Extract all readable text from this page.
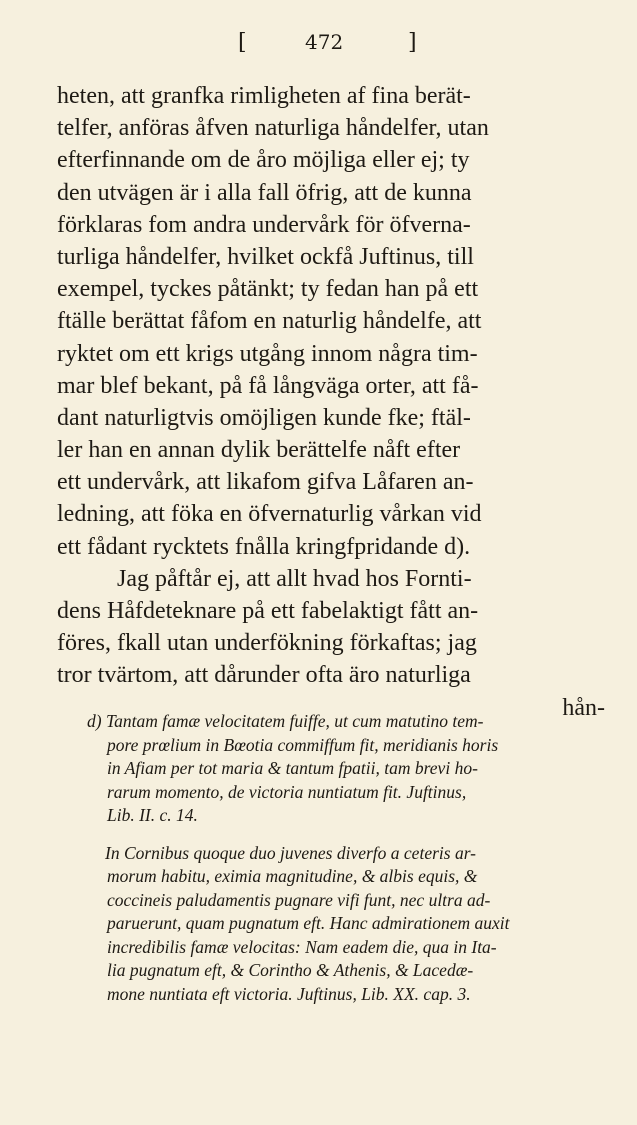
[	472	]
heten, att granfka rimligheten af fina berät-
telfer, anföras åfven naturliga håndelfer, utan
efterfinnande om de åro möjliga eller ej; ty
den utvägen är i alla fall öfrig, att de kunna
förklaras fom andra undervårk för öfverna-
turliga håndelfer, hvilket ockfå Juftinus, till
exempel, tyckes påtänkt; ty fedan han på ett
ftälle berättat fåfom en naturlig håndelfe, att
ryktet om ett krigs utgång innom några tim-
mar blef bekant, på få långväga orter, att få-
dant naturligtvis omöjligen kunde fke; ftäl-
ler han en annan dylik berättelfe nåft efter
ett undervårk, att likafom gifva Låfaren an-
ledning, att föka en öfvernaturlig vårkan vid
ett fådant rycktets fnålla kringfpridande d).
Jag påftår ej, att allt hvad hos Fornti-
dens Håfdeteknare på ett fabelaktigt fått an-
föres, fkall utan underfökning förkaftas; jag
tror tvärtom, att dårunder ofta äro naturliga
hån-
d) Tantam famæ velocitatem fuiffe, ut cum matutino tem-
pore prœlium in Bœotia commiffum fit, meridianis horis
in Afiam per tot maria & tantum fpatii, tam brevi ho-
rarum momento, de victoria nuntiatum fit. Juftinus,
Lib. II. c. 14.
In Cornibus quoque duo juvenes diverfo a ceteris ar-
morum habitu, eximia magnitudine, & albis equis, &
coccineis paludamentis pugnare vifi funt, nec ultra ad-
paruerunt, quam pugnatum eft. Hanc admirationem auxit
incredibilis famæ velocitas: Nam eadem die, qua in Ita-
lia pugnatum eft, & Corintho & Athenis, & Lacedæ-
mone nuntiata eft victoria. Juftinus, Lib. XX. cap. 3.
